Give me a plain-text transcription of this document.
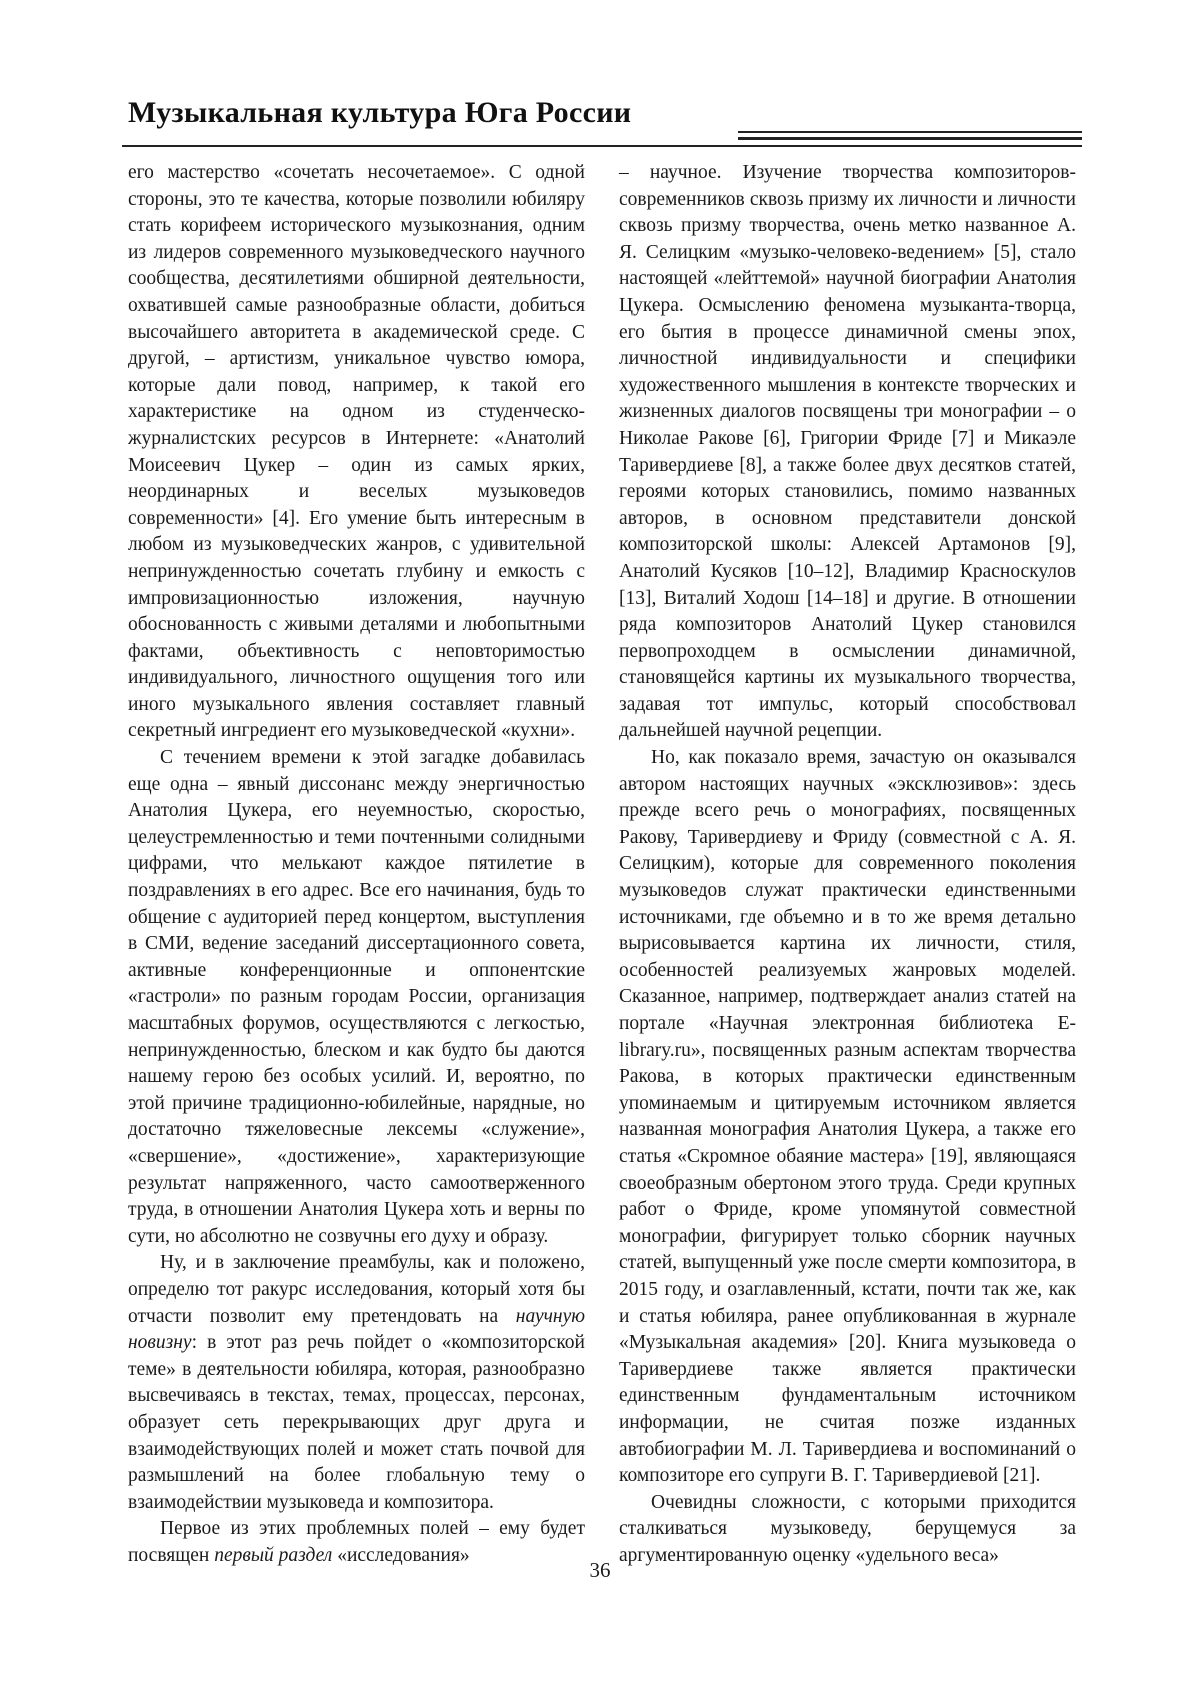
Музыкальная культура Юга России

его мастерство «сочетать несочетаемое». С одной стороны, это те качества, которые позволили юбиляру стать корифеем исторического музыкознания, одним из лидеров современного музыковедческого научного сообщества, десятилетиями обширной деятельности, охватившей самые разнообразные области, добиться высочайшего авторитета в академической среде. С другой, – артистизм, уникальное чувство юмора, которые дали повод, например, к такой его характеристике на одном из студенческо-журналистских ресурсов в Интернете: «Анатолий Моисеевич Цукер – один из самых ярких, неординарных и веселых музыковедов современности» [4]. Его умение быть интересным в любом из музыковедческих жанров, с удивительной непринужденностью сочетать глубину и емкость с импровизационностью изложения, научную обоснованность с живыми деталями и любопытными фактами, объективность с неповторимостью индивидуального, личностного ощущения того или иного музыкального явления составляет главный секретный ингредиент его музыковедческой «кухни».

С течением времени к этой загадке добавилась еще одна – явный диссонанс между энергичностью Анатолия Цукера, его неуемностью, скоростью, целеустремленностью и теми почтенными солидными цифрами, что мелькают каждое пятилетие в поздравлениях в его адрес. Все его начинания, будь то общение с аудиторией перед концертом, выступления в СМИ, ведение заседаний диссертационного совета, активные конференционные и оппонентские «гастроли» по разным городам России, организация масштабных форумов, осуществляются с легкостью, непринужденностью, блеском и как будто бы даются нашему герою без особых усилий. И, вероятно, по этой причине традиционно-юбилейные, нарядные, но достаточно тяжеловесные лексемы «служение», «свершение», «достижение», характеризующие результат напряженного, часто самоотверженного труда, в отношении Анатолия Цукера хоть и верны по сути, но абсолютно не созвучны его духу и образу.

Ну, и в заключение преамбулы, как и положено, определю тот ракурс исследования, который хотя бы отчасти позволит ему претендовать на научную новизну: в этот раз речь пойдет о «композиторской теме» в деятельности юбиляра, которая, разнообразно высвечиваясь в текстах, темах, процессах, персонах, образует сеть перекрывающих друг друга и взаимодействующих полей и может стать почвой для размышлений на более глобальную тему о взаимодействии музыковеда и композитора.

Первое из этих проблемных полей – ему будет посвящен первый раздел «исследования»

– научное. Изучение творчества композиторов-современников сквозь призму их личности и личности сквозь призму творчества, очень метко названное А. Я. Селицким «музыко-человеко-ведением» [5], стало настоящей «лейттемой» научной биографии Анатолия Цукера. Осмыслению феномена музыканта-творца, его бытия в процессе динамичной смены эпох, личностной индивидуальности и специфики художественного мышления в контексте творческих и жизненных диалогов посвящены три монографии – о Николае Ракове [6], Григории Фриде [7] и Микаэле Таривердиеве [8], а также более двух десятков статей, героями которых становились, помимо названных авторов, в основном представители донской композиторской школы: Алексей Артамонов [9], Анатолий Кусяков [10–12], Владимир Красноскулов [13], Виталий Ходош [14–18] и другие. В отношении ряда композиторов Анатолий Цукер становился первопроходцем в осмыслении динамичной, становящейся картины их музыкального творчества, задавая тот импульс, который способствовал дальнейшей научной рецепции.

Но, как показало время, зачастую он оказывался автором настоящих научных «эксклюзивов»: здесь прежде всего речь о монографиях, посвященных Ракову, Таривердиеву и Фриду (совместной с А. Я. Селицким), которые для современного поколения музыковедов служат практически единственными источниками, где объемно и в то же время детально вырисовывается картина их личности, стиля, особенностей реализуемых жанровых моделей. Сказанное, например, подтверждает анализ статей на портале «Научная электронная библиотека E-library.ru», посвященных разным аспектам творчества Ракова, в которых практически единственным упоминаемым и цитируемым источником является названная монография Анатолия Цукера, а также его статья «Скромное обаяние мастера» [19], являющаяся своеобразным обертоном этого труда. Среди крупных работ о Фриде, кроме упомянутой совместной монографии, фигурирует только сборник научных статей, выпущенный уже после смерти композитора, в 2015 году, и озаглавленный, кстати, почти так же, как и статья юбиляра, ранее опубликованная в журнале «Музыкальная академия» [20]. Книга музыковеда о Таривердиеве также является практически единственным фундаментальным источником информации, не считая позже изданных автобиографии М. Л. Таривердиева и воспоминаний о композиторе его супруги В. Г. Таривердиевой [21].

Очевидны сложности, с которыми приходится сталкиваться музыковеду, берущемуся за аргументированную оценку «удельного веса»

36
